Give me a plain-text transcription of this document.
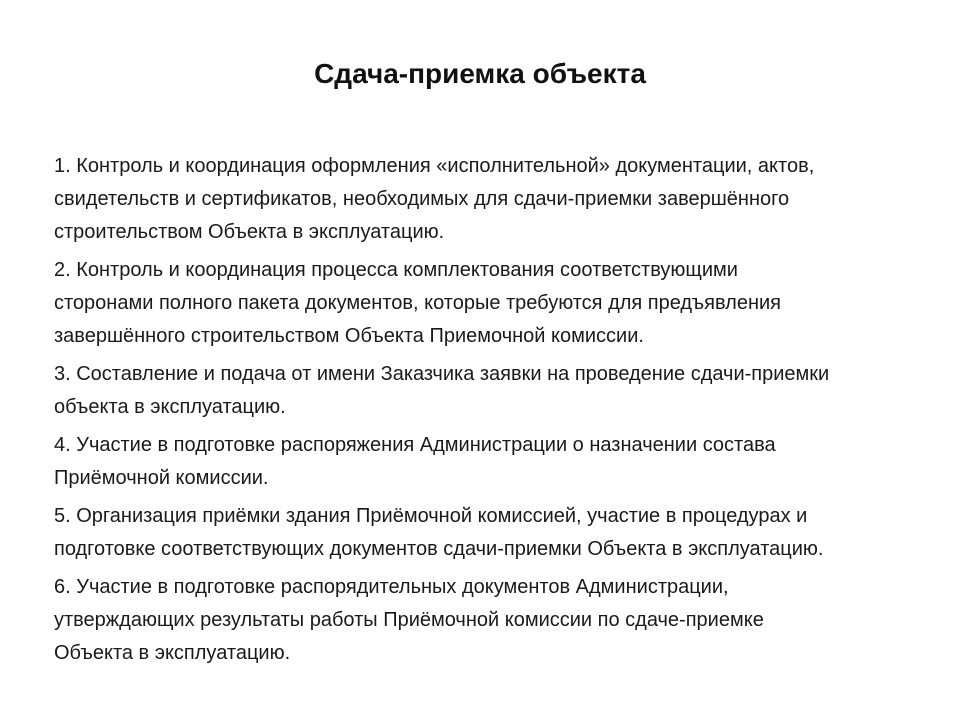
Сдача-приемка объекта
1. Контроль и координация оформления «исполнительной» документации, актов,
свидетельств и сертификатов, необходимых для сдачи-приемки завершённого
строительством Объекта в эксплуатацию.
2. Контроль и координация процесса комплектования соответствующими
сторонами полного пакета документов, которые требуются для предъявления
завершённого строительством Объекта Приемочной комиссии.
3. Составление и подача от имени Заказчика заявки на проведение сдачи-приемки
объекта в эксплуатацию.
4. Участие в подготовке распоряжения Администрации о назначении состава
Приёмочной комиссии.
5. Организация приёмки здания Приёмочной комиссией, участие в процедурах и
подготовке соответствующих документов сдачи-приемки Объекта в эксплуатацию.
6. Участие в подготовке распорядительных документов Администрации,
утверждающих результаты работы Приёмочной комиссии по сдаче-приемке
Объекта в эксплуатацию.
